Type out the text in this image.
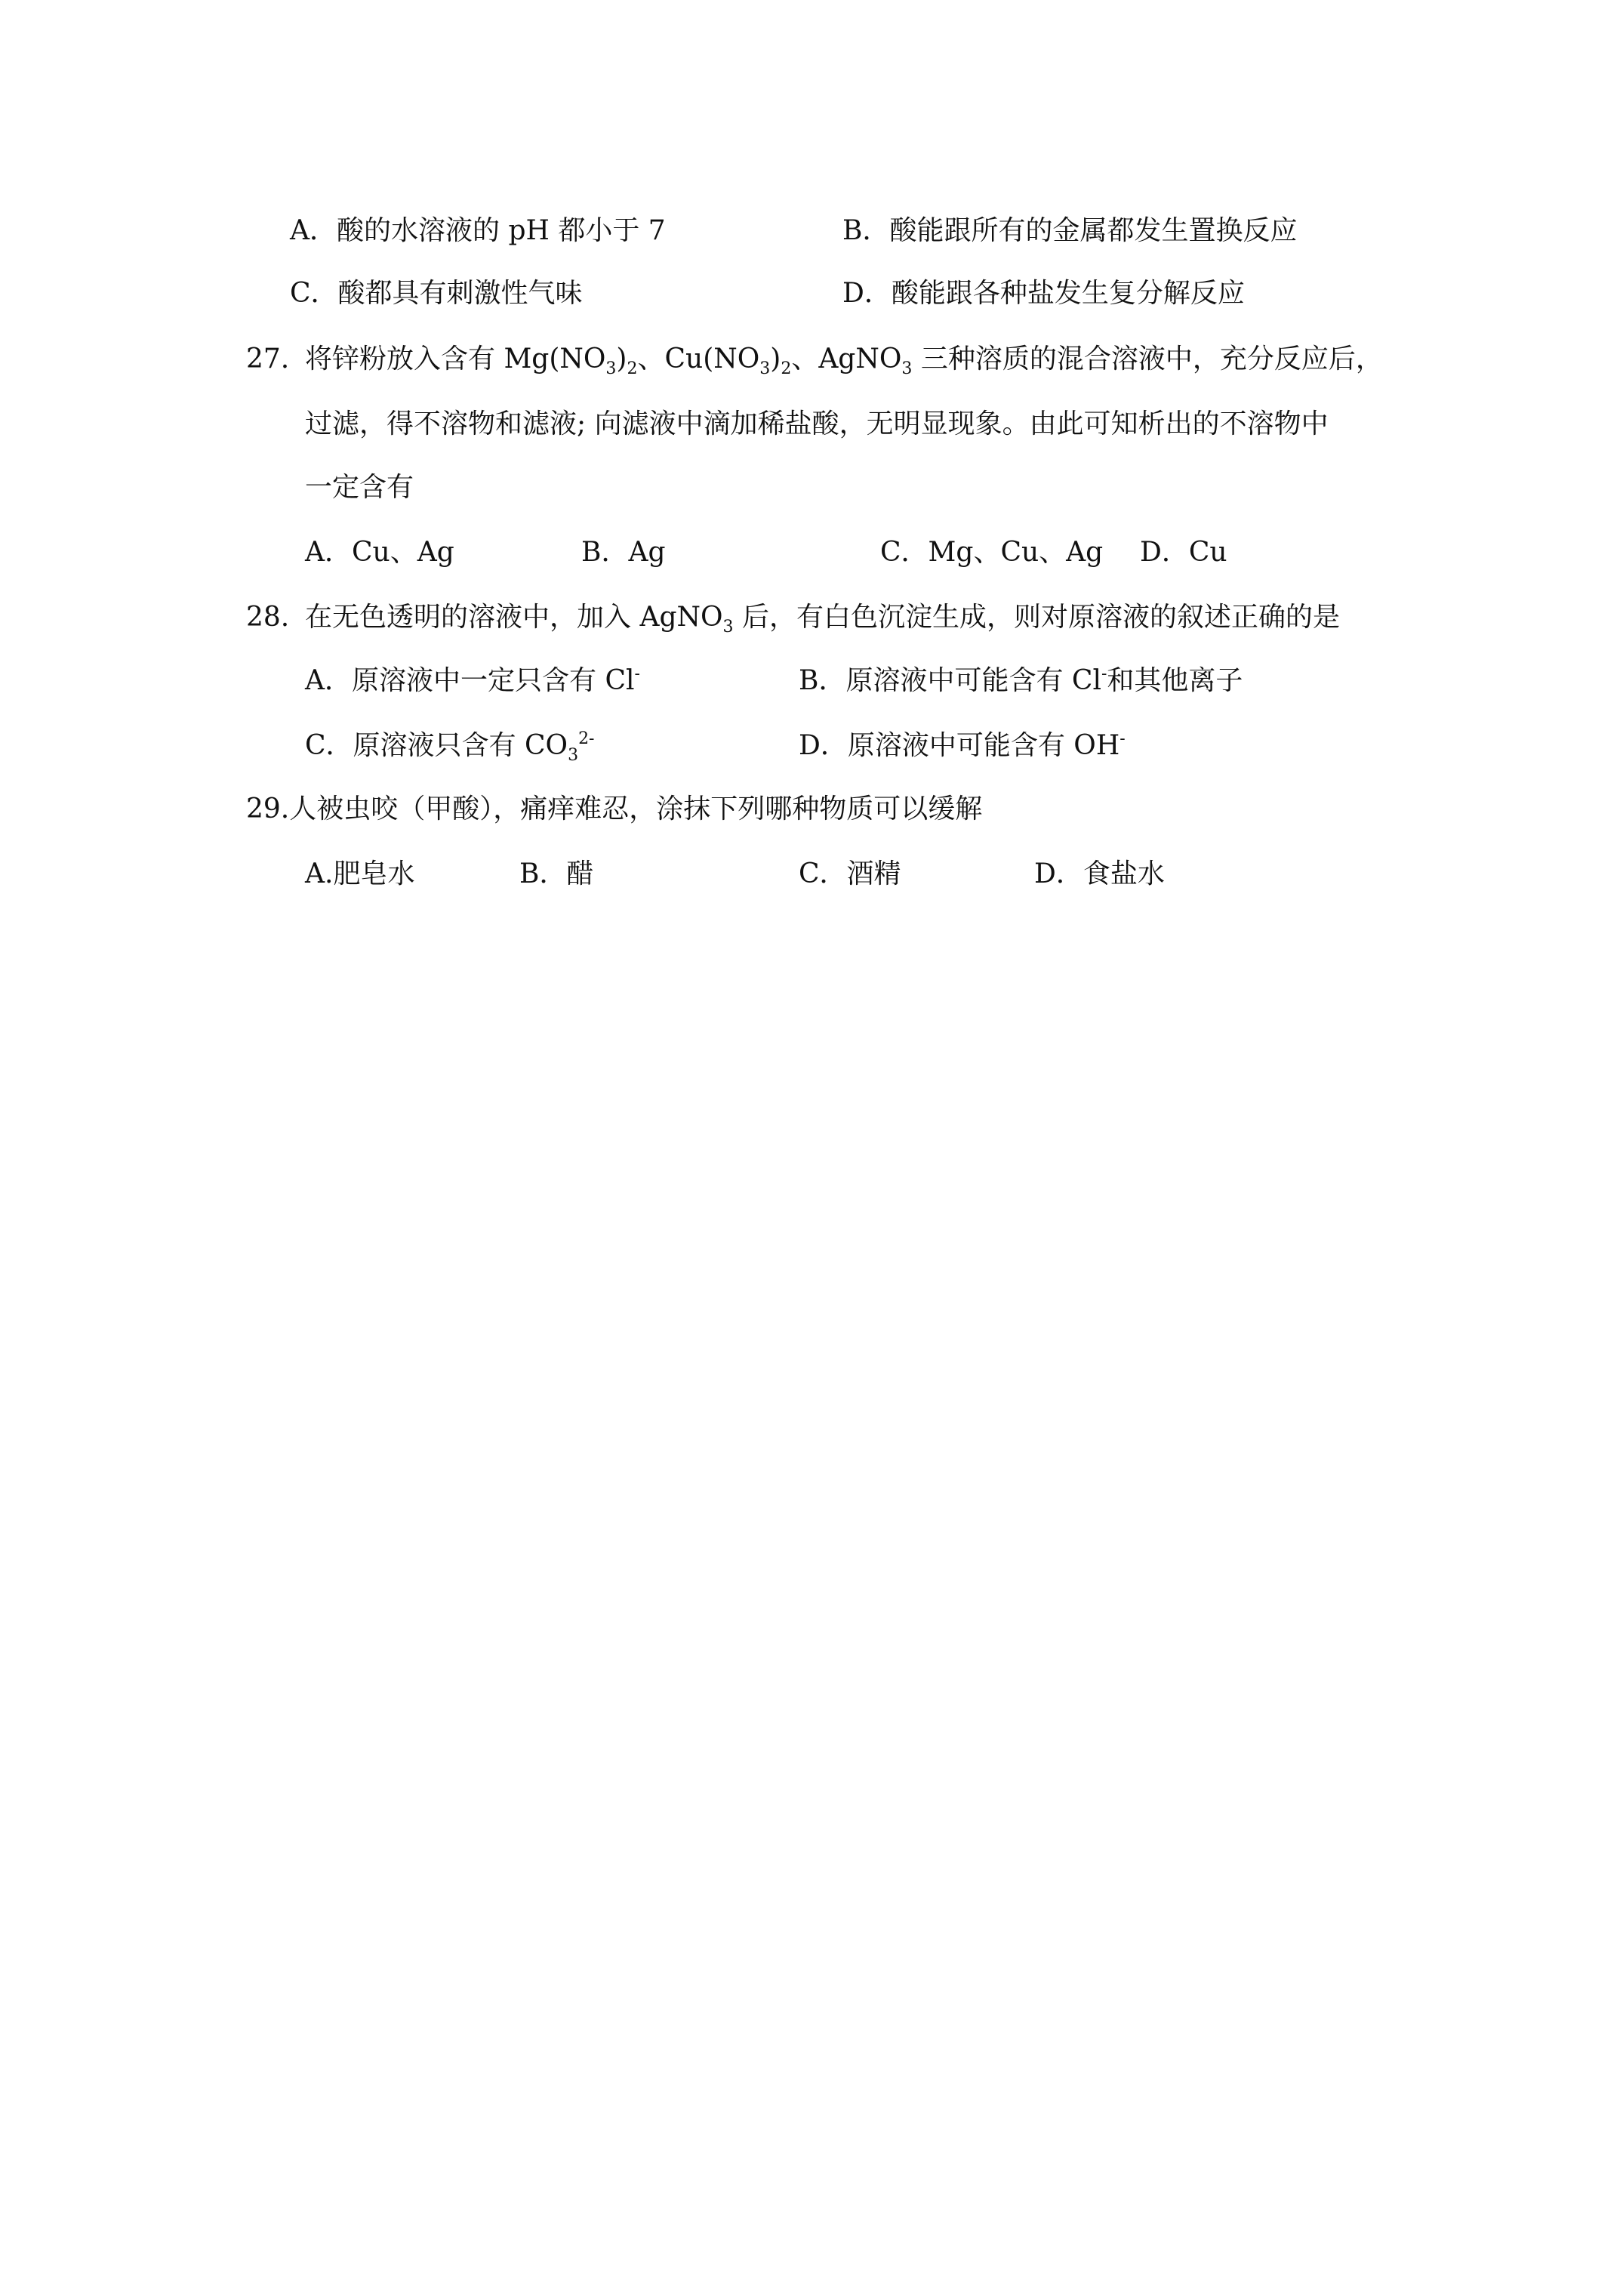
A．酸的水溶液的 pH 都小于 7	B．酸能跟所有的金属都发生置换反应
C．酸都具有刺激性气味	D．酸能跟各种盐发生复分解反应
27. 将锌粉放入含有 $Mg(NO_3)_2$、$Cu(NO_3)_2$、AgNO$_3$ 三种溶质的混合溶液中，充分反应后，
过滤，得不溶物和滤液; 向滤液中滴加稀盐酸，无明显现象。由此可知析出的不溶物中
一定含有
A．Cu、Ag	B．Ag	C．Mg、Cu、Ag D．Cu
28. 在无色透明的溶液中，加入 AgNO$_3$ 后，有白色沉淀生成，则对原溶液的叙述正确的是
A．原溶液中一定只含有 Cl-	B．原溶液中可能含有 Cl-和其他离子
C．原溶液只含有 $CO_3^{2-}$	D．原溶液中可能含有 OH-
29.人被虫咬（甲酸），痛痒难忍，涂抹下列哪种物质可以缓解
A.肥皂水	B．醋	C．酒精	D．食盐水
